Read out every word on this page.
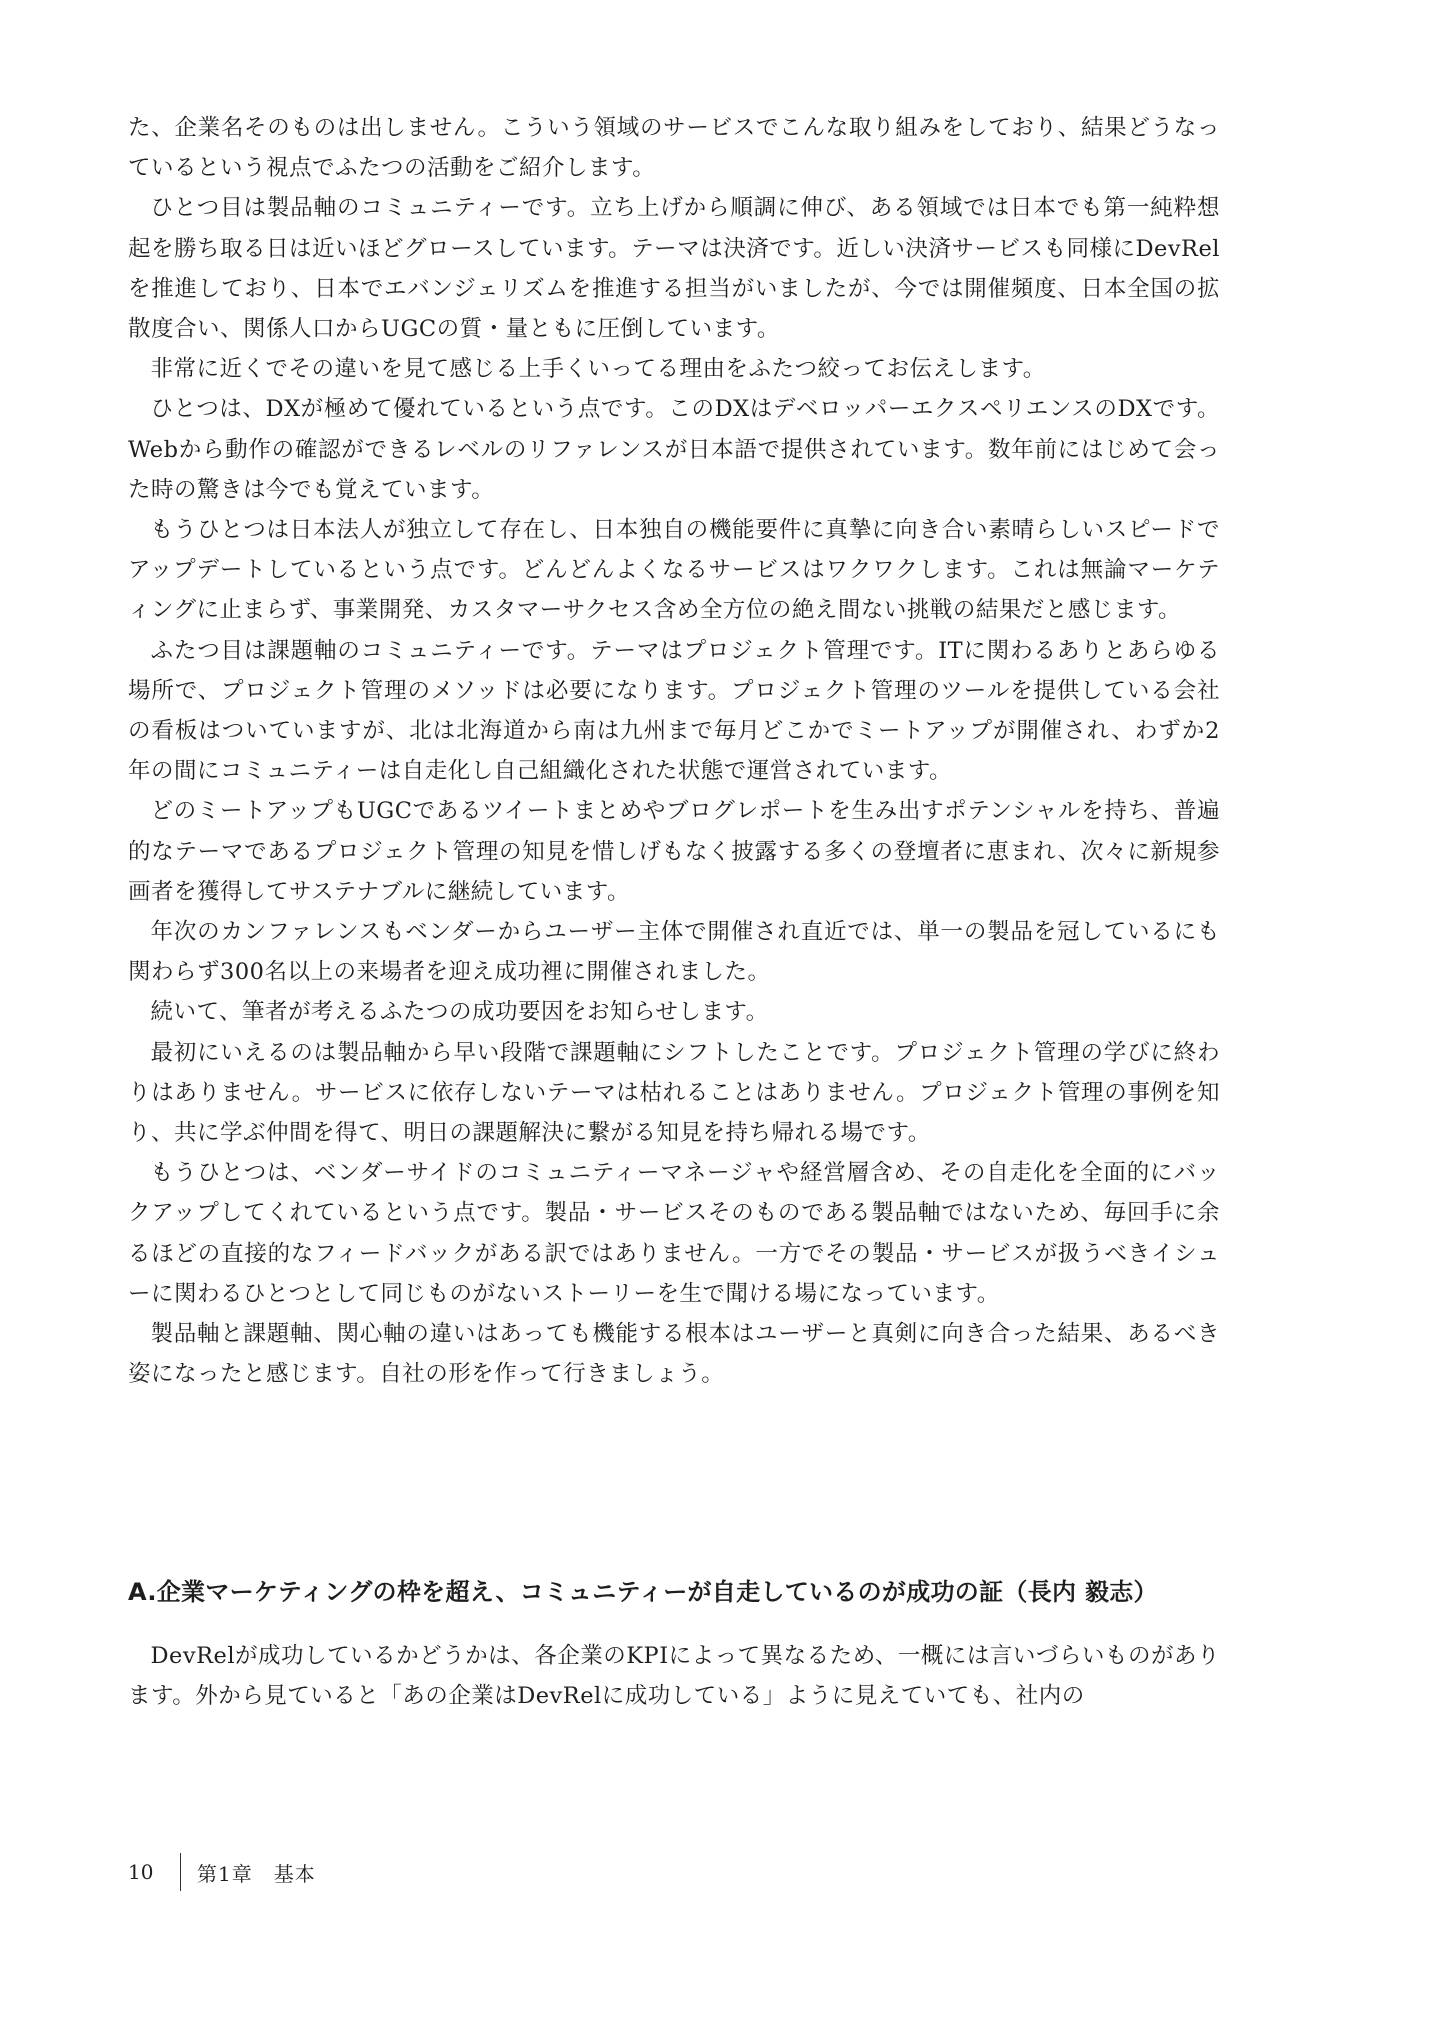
た、企業名そのものは出しません。こういう領域のサービスでこんな取り組みをしており、結果どうなっているという視点でふたつの活動をご紹介します。

ひとつ目は製品軸のコミュニティーです。立ち上げから順調に伸び、ある領域では日本でも第一純粋想起を勝ち取る日は近いほどグロースしています。テーマは決済です。近しい決済サービスも同様にDevRelを推進しており、日本でエバンジェリズムを推進する担当がいましたが、今では開催頻度、日本全国の拡散度合い、関係人口からUGCの質・量ともに圧倒しています。

非常に近くでその違いを見て感じる上手くいってる理由をふたつ絞ってお伝えします。

ひとつは、DXが極めて優れているという点です。このDXはデベロッパーエクスペリエンスのDXです。Webから動作の確認ができるレベルのリファレンスが日本語で提供されています。数年前にはじめて会った時の驚きは今でも覚えています。

もうひとつは日本法人が独立して存在し、日本独自の機能要件に真摯に向き合い素晴らしいスピードでアップデートしているという点です。どんどんよくなるサービスはワクワクします。これは無論マーケティングに止まらず、事業開発、カスタマーサクセス含め全方位の絶え間ない挑戦の結果だと感じます。

ふたつ目は課題軸のコミュニティーです。テーマはプロジェクト管理です。ITに関わるありとあらゆる場所で、プロジェクト管理のメソッドは必要になります。プロジェクト管理のツールを提供している会社の看板はついていますが、北は北海道から南は九州まで毎月どこかでミートアップが開催され、わずか2年の間にコミュニティーは自走化し自己組織化された状態で運営されています。

どのミートアップもUGCであるツイートまとめやブログレポートを生み出すポテンシャルを持ち、普遍的なテーマであるプロジェクト管理の知見を惜しげもなく披露する多くの登壇者に恵まれ、次々に新規参画者を獲得してサステナブルに継続しています。

年次のカンファレンスもベンダーからユーザー主体で開催され直近では、単一の製品を冠しているにも関わらず300名以上の来場者を迎え成功裡に開催されました。

続いて、筆者が考えるふたつの成功要因をお知らせします。

最初にいえるのは製品軸から早い段階で課題軸にシフトしたことです。プロジェクト管理の学びに終わりはありません。サービスに依存しないテーマは枯れることはありません。プロジェクト管理の事例を知り、共に学ぶ仲間を得て、明日の課題解決に繋がる知見を持ち帰れる場です。

もうひとつは、ベンダーサイドのコミュニティーマネージャや経営層含め、その自走化を全面的にバックアップしてくれているという点です。製品・サービスそのものである製品軸ではないため、毎回手に余るほどの直接的なフィードバックがある訳ではありません。一方でその製品・サービスが扱うべきイシューに関わるひとつとして同じものがないストーリーを生で聞ける場になっています。

製品軸と課題軸、関心軸の違いはあっても機能する根本はユーザーと真剣に向き合った結果、あるべき姿になったと感じます。自社の形を作って行きましょう。

A.企業マーケティングの枠を超え、コミュニティーが自走しているのが成功の証（長内 毅志）

DevRelが成功しているかどうかは、各企業のKPIによって異なるため、一概には言いづらいものがあります。外から見ていると「あの企業はDevRelに成功している」ように見えていても、社内の

10	第1章　基本
